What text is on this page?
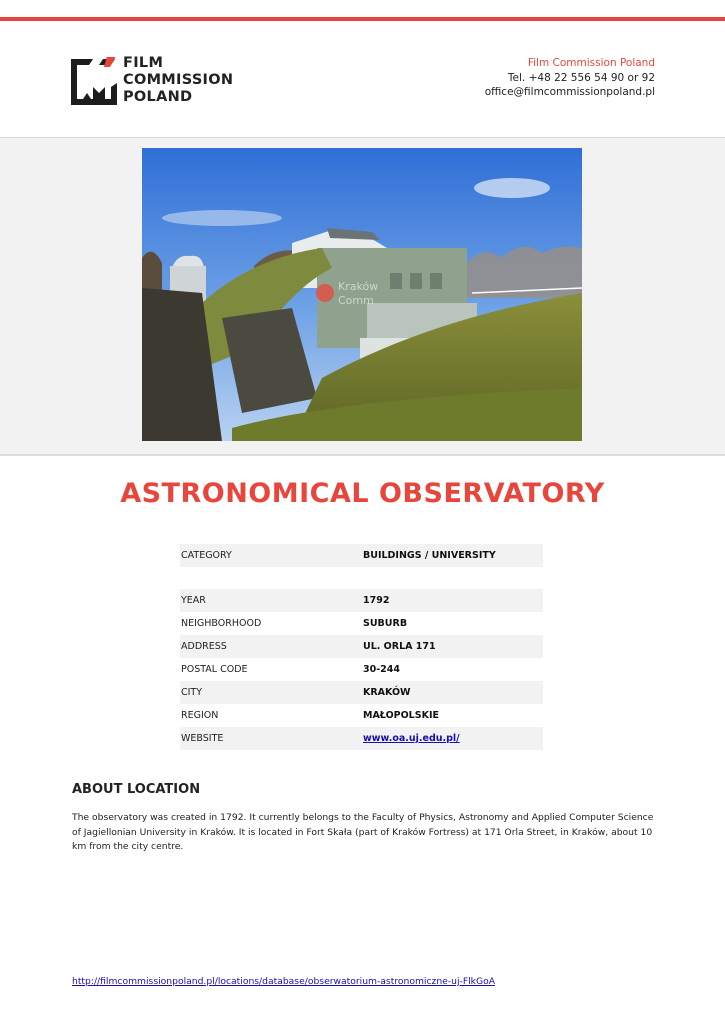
FILM
COMMISSION
POLAND

Film Commission Poland
Tel. +48 22 556 54 90 or 92
office@filmcommissionpoland.pl
Kraków
Comm
ASTRONOMICAL OBSERVATORY
CATEGORY	BUILDINGS / UNIVERSITY

YEAR	1792
NEIGHBORHOOD	SUBURB
ADDRESS	UL. ORLA 171
POSTAL CODE	30-244
CITY	KRAKÓW
REGION	MAŁOPOLSKIE
WEBSITE	www.oa.uj.edu.pl/
ABOUT LOCATION

The observatory was created in 1792. It currently belongs to the Faculty of Physics, Astronomy and Applied Computer Science of Jagiellonian University in Kraków. It is located in Fort Skała (part of Kraków Fortress) at 171 Orla Street, in Kraków, about 10 km from the city centre.

http://filmcommissionpoland.pl/locations/database/obserwatorium-astronomiczne-uj-FlkGoA
